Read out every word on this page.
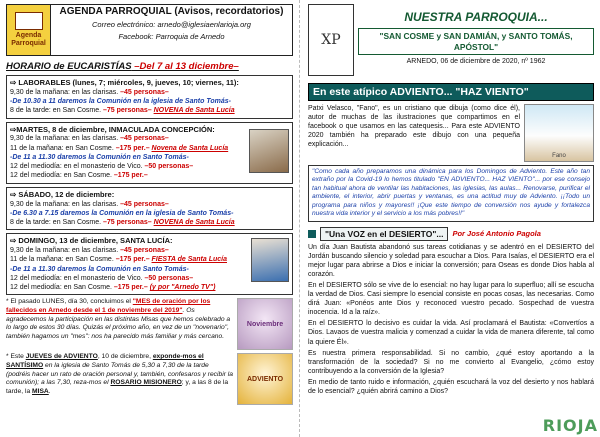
Agenda Parroquial
AGENDA PARROQUIAL (Avisos, recordatorios)
Correo electrónico: arnedo@iglesiaenlarioja.org
Facebook: Parroquia de Arnedo
HORARIO de EUCARISTÍAS –Del 7 al 13 diciembre–
⇨ LABORABLES (lunes, 7; miércoles, 9, jueves, 10; viernes, 11):
9,30 de la mañana: en las clarisas. –45 personas–
-De 10.30 a 11 daremos la Comunión en la iglesia de Santo Tomás-
8 de la tarde: en San Cosme. –75 personas– NOVENA de Santa Lucía
⇨MARTES, 8 de diciembre, INMACULADA CONCEPCIÓN:
9,30 de la mañana: en las clarisas. –45 personas–
11 de la mañana: en San Cosme. –175 per.– Novena de Santa Lucía
-De 11 a 11.30 daremos la Comunión en Santo Tomás-
12 del mediodía: en el monasterio de Vico. –50 personas–
12 del mediodía: en San Cosme. –175 per.–
⇨ SÁBADO, 12 de diciembre:
9,30 de la mañana: en las clarisas. –45 personas–
-De 6.30 a 7.15 daremos la Comunión en la iglesia de Santo Tomás-
8 de la tarde: en San Cosme. –75 personas– NOVENA de Santa Lucía
⇨ DOMINGO, 13 de diciembre, SANTA LUCÍA:
9,30 de la mañana: en las clarisas. –45 personas–
11 de la mañana: en San Cosme. –175 per.– FIESTA de Santa Lucía
-De 11 a 11.30 daremos la Comunión en Santo Tomás-
12 del mediodía: en el monasterio de Vico. –50 personas–
12 del mediodía: en San Cosme. –175 per.– (y por "Arnedo TV")
* El pasado LUNES, día 30, concluimos el "MES de oración por los fallecidos en Arnedo desde el 1 de noviembre del 2019". Os agradecemos la participación en las distintas Misas que hemos celebrado a lo largo de estos 30 días. Quizás el próximo año, en vez de un "novenario", también hagamos un "mes": nos ha parecido más familiar y más cercano.
Noviembre
* Este JUEVES de ADVIENTO, 10 de diciembre, exponde-mos el SANTÍSIMO en la iglesia de Santo Tomás de 5,30 a 7,30 de la tarde (podréis hacer un rato de oración personal y, también, confesaros y recibir la comunión); a las 7,30, reza-mos el ROSARIO MISIONERO; y, a las 8 de la tarde, la MISA.
ADVIENTO
XP
NUESTRA PARROQUIA...
"SAN COSME y SAN DAMIÁN, y SANTO TOMÁS, APÓSTOL"
ARNEDO, 06 de diciembre de 2020, nº 1962
En este atípico ADVIENTO... "HAZ VIENTO"
Patxi Velasco, "Fano", es un cristiano que dibuja (como dice él), autor de muchas de las ilustraciones que compartimos en el facebook o que usamos en las catequesis... Para este ADVIENTO 2020 también ha preparado este dibujo con una pequeña explicación...
Fano
"Como cada año preparamos una dinámica para los Domingos de Adviento. Este año tan extraño por la Covid-19 lo hemos titulado "EN ADVIENTO... HAZ VIENTO"... por ese consejo tan habitual ahora de ventilar las habitaciones, las iglesias, las aulas... Renovarse, purificar el ambiente, el interior, abrir puertas y ventanas, es una actitud muy de Adviento. ¡¡Todo un programa para niños y mayores!! ¡Que este tiempo de conversión nos ayude y fortalezca nuestra vida interior y el servicio a los más pobres!!"
"Una VOZ en el DESIERTO"...	Por José Antonio Pagola

Un día Juan Bautista abandonó sus tareas cotidianas y se adentró en el DESIERTO del Jordán buscando silencio y soledad para escuchar a Dios. Para Isaías, el DESIERTO era el mejor lugar para abrirse a Dios e iniciar la conversión; para Oseas es donde Dios habla al corazón.

En el DESIERTO sólo se vive de lo esencial: no hay lugar para lo superfluo; allí se escucha la verdad de Dios. Casi siempre lo esencial consiste en pocas cosas, las necesarias. Como dirá Juan: «Ponéos ante Dios y reconoced vuestro pecado. Sospechad de vuestra inocencia. Id a la raíz».

En el DESIERTO lo decisivo es cuidar la vida. Así proclamará el Bautista: «Convertíos a Dios. Lavaos de vuestra malicia y comenzad a cuidar la vida de manera diferente, tal como la quiere Él».

Es nuestra primera responsabilidad. Si no cambio, ¿qué estoy aportando a la transformación de la sociedad? Si no me convierto al Evangelio, ¿cómo estoy contribuyendo a la conversión de la Iglesia?

En medio de tanto ruido e información, ¿quién escuchará la voz del desierto y nos hablará de lo esencial? ¿quién abrirá camino a Dios?

RIOJA
